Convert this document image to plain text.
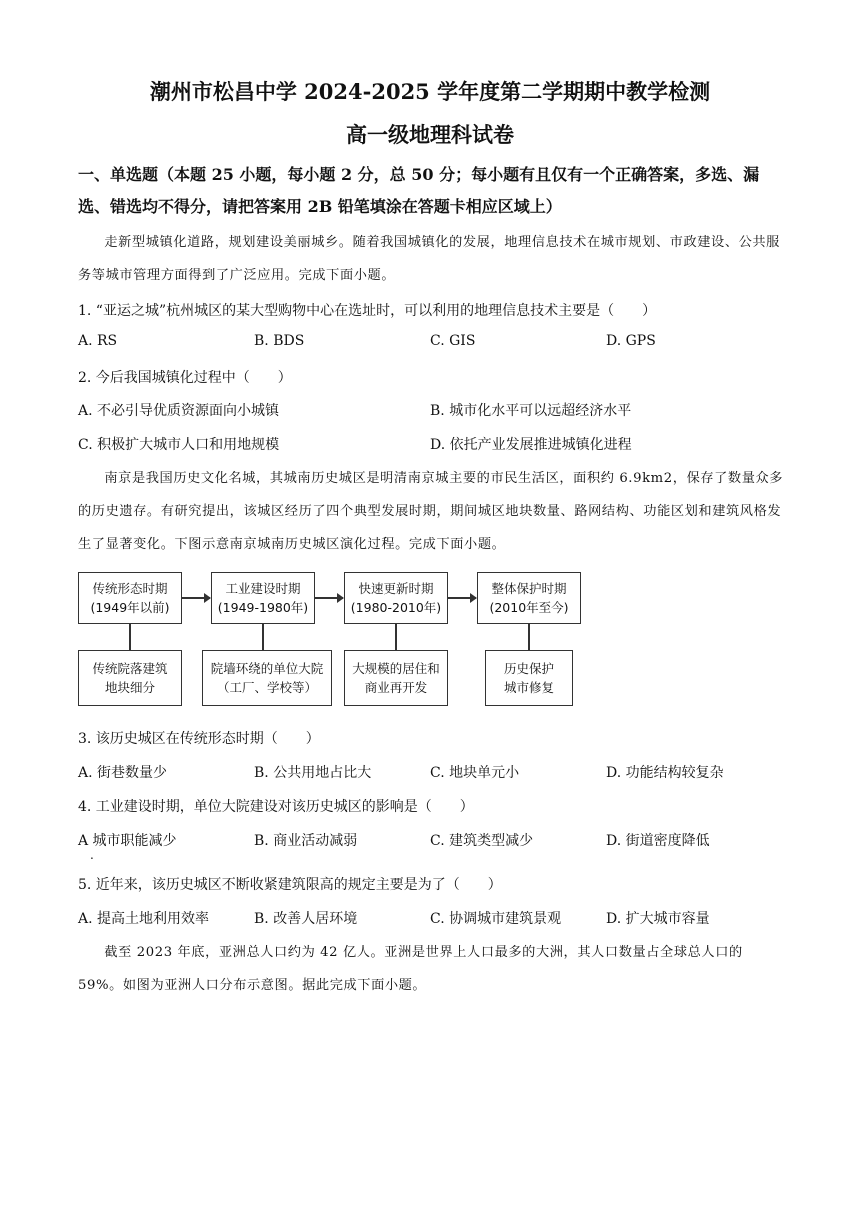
潮州市松昌中学 2024-2025 学年度第二学期期中教学检测
高一级地理科试卷
一、单选题（本题 25 小题，每小题 2 分，总 50 分；每小题有且仅有一个正确答案，多选、漏选、错选均不得分，请把答案用 2B 铅笔填涂在答题卡相应区域上）
走新型城镇化道路，规划建设美丽城乡。随着我国城镇化的发展，地理信息技术在城市规划、市政建设、公共服务等城市管理方面得到了广泛应用。完成下面小题。
1. “亚运之城”杭州城区的某大型购物中心在选址时，可以利用的地理信息技术主要是（　　）
A. RS	B. BDS	C. GIS	D. GPS
2. 今后我国城镇化过程中（　　）
A. 不必引导优质资源面向小城镇	B. 城市化水平可以远超经济水平
C. 积极扩大城市人口和用地规模	D. 依托产业发展推进城镇化进程
南京是我国历史文化名城，其城南历史城区是明清南京城主要的市民生活区，面积约 6.9km2，保存了数量众多的历史遗存。有研究提出，该城区经历了四个典型发展时期，期间城区地块数量、路网结构、功能区划和建筑风格发生了显著变化。下图示意南京城南历史城区演化过程。完成下面小题。
传统形态时期
(1949年以前)
工业建设时期
(1949-1980年)
快速更新时期
(1980-2010年)
整体保护时期
(2010年至今)
传统院落建筑
地块细分
院墙环绕的单位大院
（工厂、学校等）
大规模的居住和
商业再开发
历史保护
城市修复
3. 该历史城区在传统形态时期（　　）
A. 街巷数量少	B. 公共用地占比大	C. 地块单元小	D. 功能结构较复杂
4. 工业建设时期，单位大院建设对该历史城区的影响是（　　）
A 城市职能减少
.
B. 商业活动减弱	C. 建筑类型减少	D. 街道密度降低
5. 近年来，该历史城区不断收紧建筑限高的规定主要是为了（　　）
A. 提高土地利用效率	B. 改善人居环境	C. 协调城市建筑景观	D. 扩大城市容量
截至 2023 年底，亚洲总人口约为 42 亿人。亚洲是世界上人口最多的大洲，其人口数量占全球总人口的 59%。如图为亚洲人口分布示意图。据此完成下面小题。
